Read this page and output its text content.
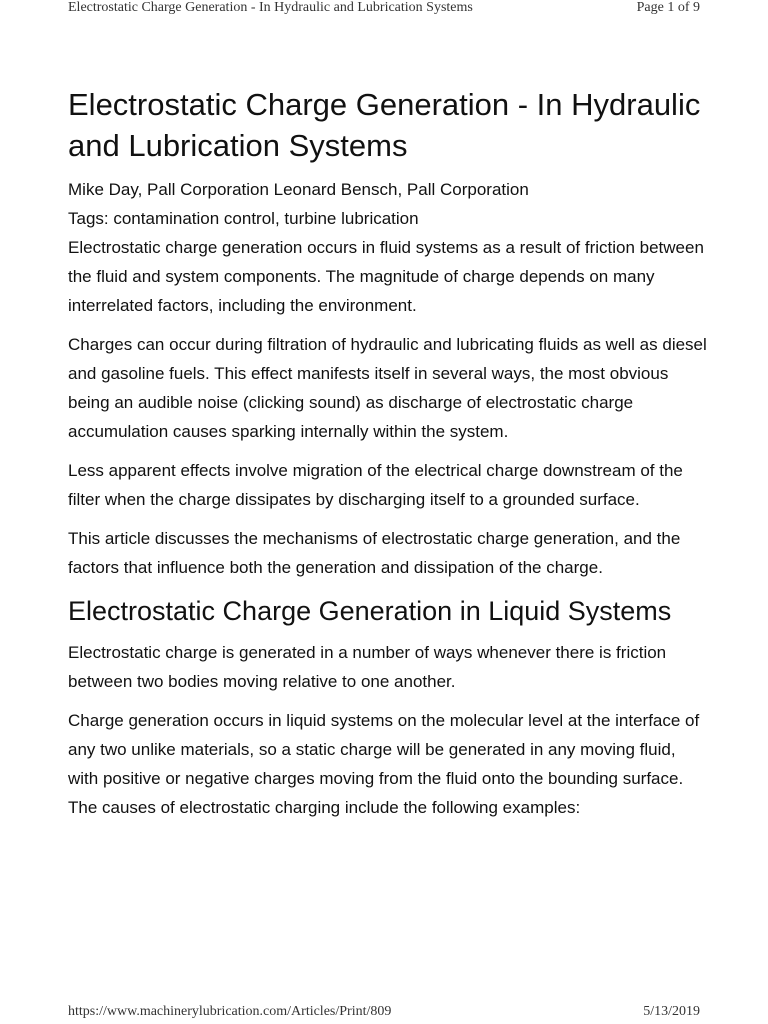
Electrostatic Charge Generation - In Hydraulic and Lubrication Systems	Page 1 of 9
Electrostatic Charge Generation - In Hydraulic and Lubrication Systems

Mike Day, Pall Corporation Leonard Bensch, Pall Corporation

Tags: contamination control, turbine lubrication

Electrostatic charge generation occurs in fluid systems as a result of friction between the fluid and system components. The magnitude of charge depends on many interrelated factors, including the environment.

Charges can occur during filtration of hydraulic and lubricating fluids as well as diesel and gasoline fuels. This effect manifests itself in several ways, the most obvious being an audible noise (clicking sound) as discharge of electrostatic charge accumulation causes sparking internally within the system.

Less apparent effects involve migration of the electrical charge downstream of the filter when the charge dissipates by discharging itself to a grounded surface.

This article discusses the mechanisms of electrostatic charge generation, and the factors that influence both the generation and dissipation of the charge.

Electrostatic Charge Generation in Liquid Systems

Electrostatic charge is generated in a number of ways whenever there is friction between two bodies moving relative to one another.

Charge generation occurs in liquid systems on the molecular level at the interface of any two unlike materials, so a static charge will be generated in any moving fluid, with positive or negative charges moving from the fluid onto the bounding surface. The causes of electrostatic charging include the following examples:

https://www.machinerylubrication.com/Articles/Print/809	5/13/2019
